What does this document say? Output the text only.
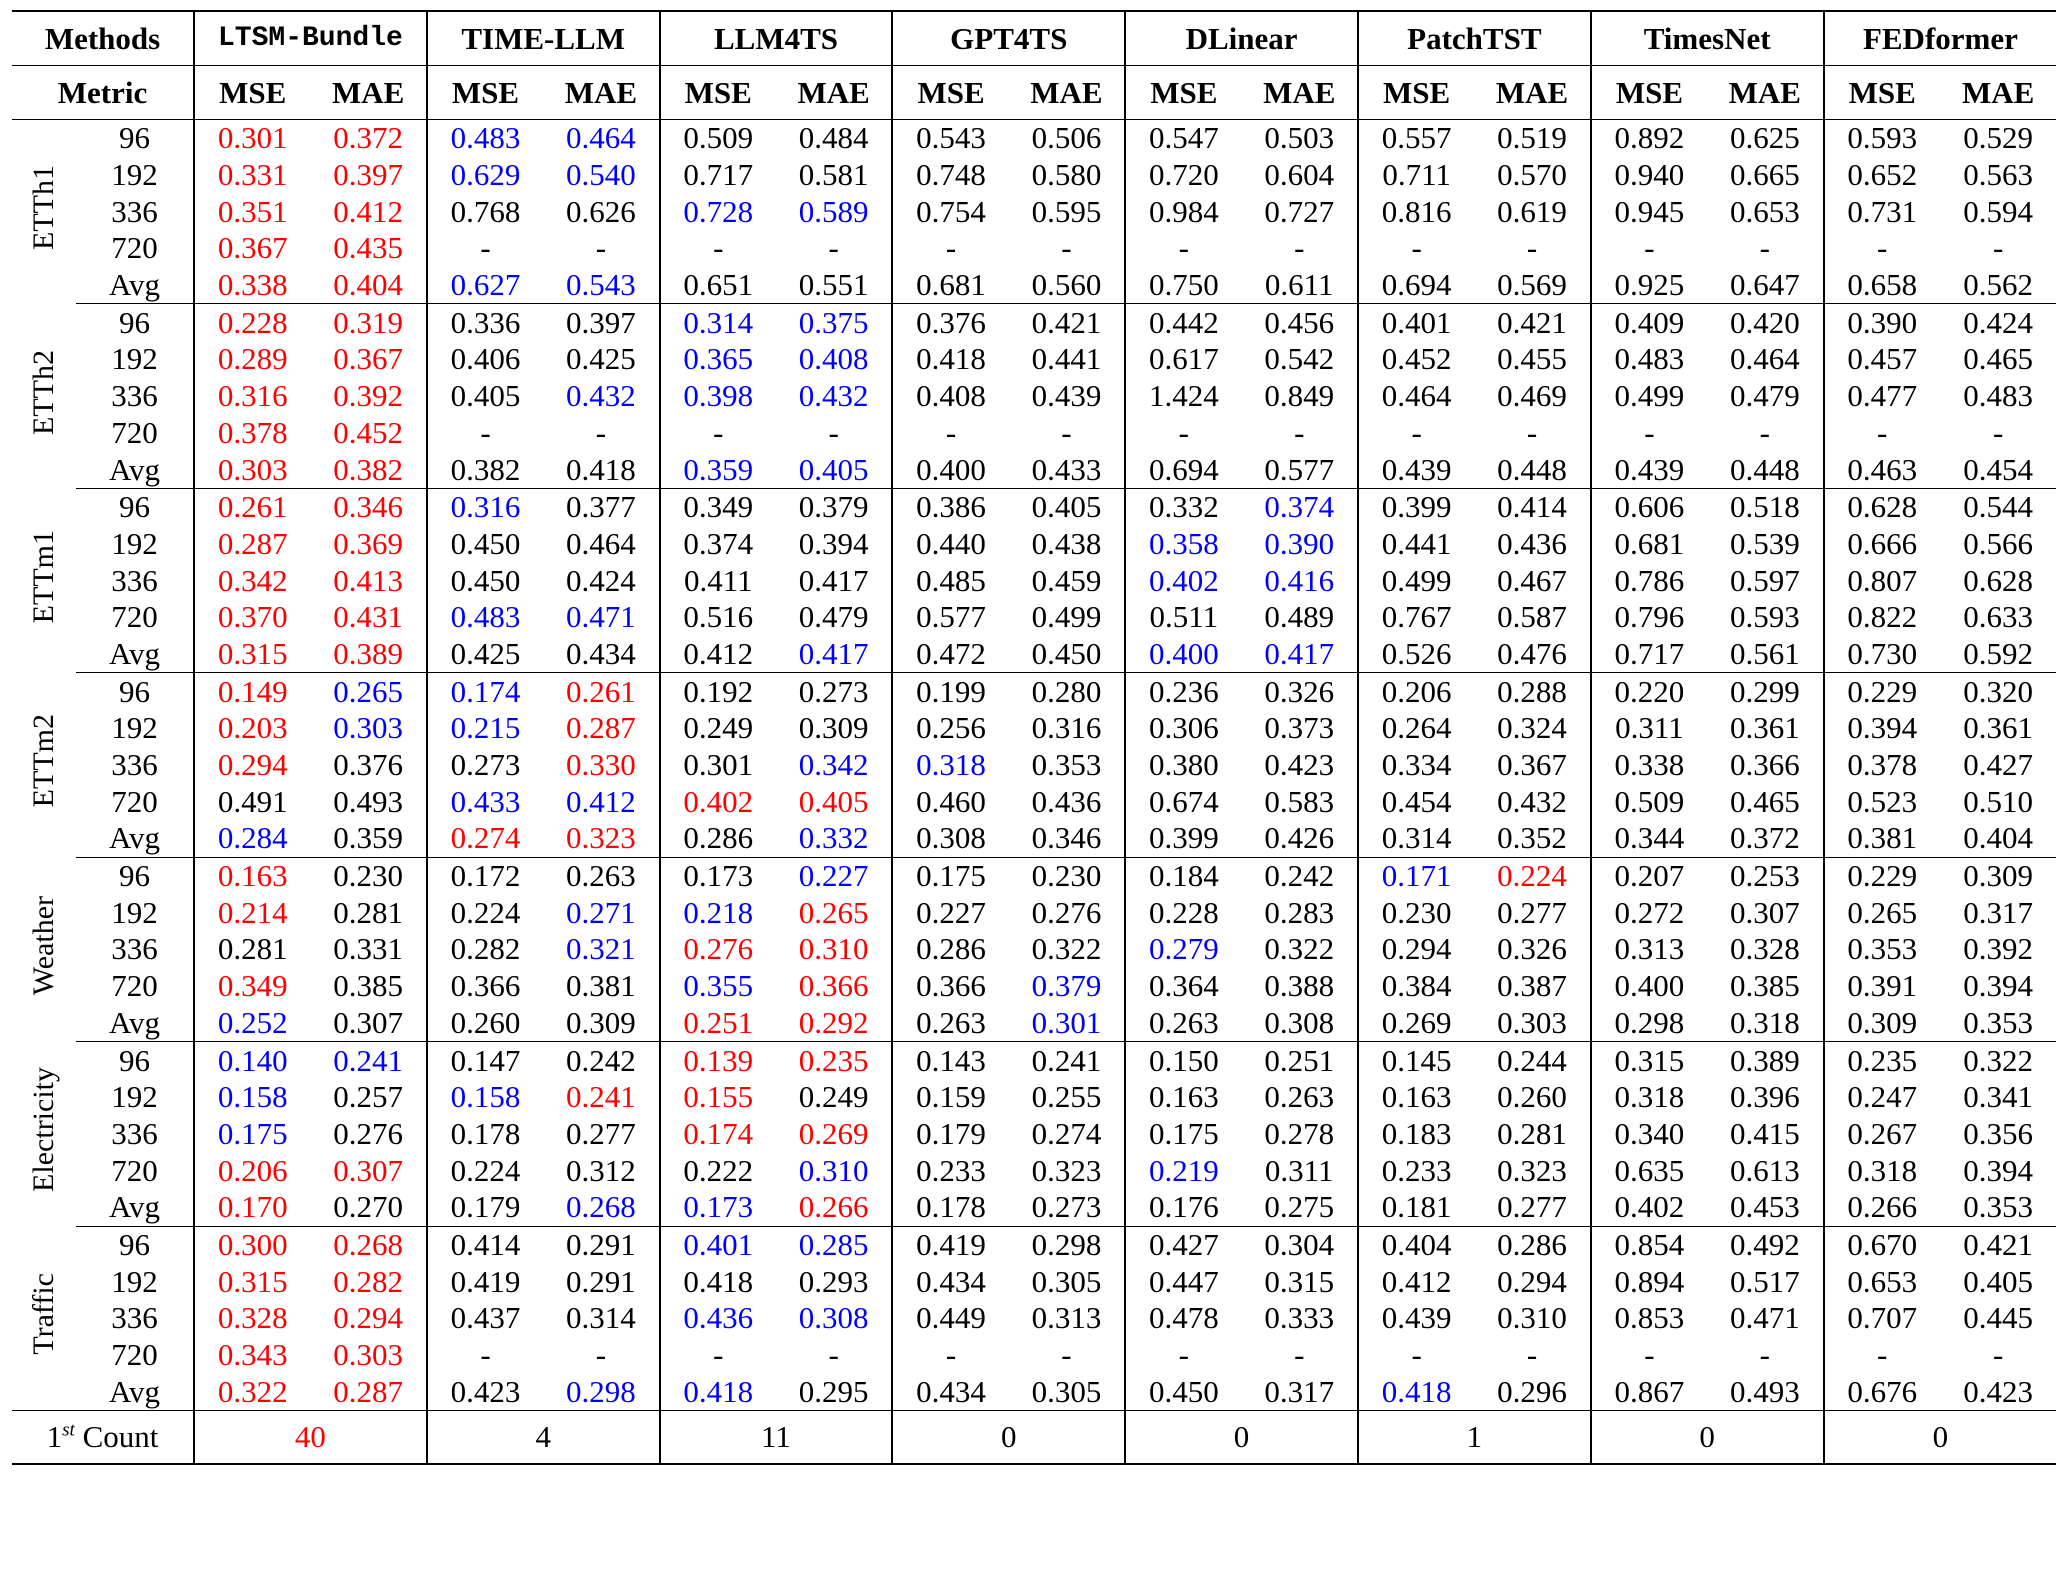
Methods		LTSM-Bundle		TIME-LLM		LLM4TS		GPT4TS		DLinear		PatchTST		TimesNet		FEDformer	
Metric		MSE	MAE	MSE	MAE	MSE	MAE	MSE	MAE	MSE	MAE	MSE	MAE	MSE	MAE	MSE	MAE
ETTh1	96	0.301	0.372	0.483	0.464	0.509	0.484	0.543	0.506	0.547	0.503	0.557	0.519	0.892	0.625	0.593	0.529
	192	0.331	0.397	0.629	0.540	0.717	0.581	0.748	0.580	0.720	0.604	0.711	0.570	0.940	0.665	0.652	0.563
	336	0.351	0.412	0.768	0.626	0.728	0.589	0.754	0.595	0.984	0.727	0.816	0.619	0.945	0.653	0.731	0.594
	720	0.367	0.435	-	-	-	-	-	-	-	-	-	-	-	-	-	-
	Avg	0.338	0.404	0.627	0.543	0.651	0.551	0.681	0.560	0.750	0.611	0.694	0.569	0.925	0.647	0.658	0.562
ETTh2	96	0.228	0.319	0.336	0.397	0.314	0.375	0.376	0.421	0.442	0.456	0.401	0.421	0.409	0.420	0.390	0.424
	192	0.289	0.367	0.406	0.425	0.365	0.408	0.418	0.441	0.617	0.542	0.452	0.455	0.483	0.464	0.457	0.465
	336	0.316	0.392	0.405	0.432	0.398	0.432	0.408	0.439	1.424	0.849	0.464	0.469	0.499	0.479	0.477	0.483
	720	0.378	0.452	-	-	-	-	-	-	-	-	-	-	-	-	-	-
	Avg	0.303	0.382	0.382	0.418	0.359	0.405	0.400	0.433	0.694	0.577	0.439	0.448	0.439	0.448	0.463	0.454
ETTm1	96	0.261	0.346	0.316	0.377	0.349	0.379	0.386	0.405	0.332	0.374	0.399	0.414	0.606	0.518	0.628	0.544
	192	0.287	0.369	0.450	0.464	0.374	0.394	0.440	0.438	0.358	0.390	0.441	0.436	0.681	0.539	0.666	0.566
	336	0.342	0.413	0.450	0.424	0.411	0.417	0.485	0.459	0.402	0.416	0.499	0.467	0.786	0.597	0.807	0.628
	720	0.370	0.431	0.483	0.471	0.516	0.479	0.577	0.499	0.511	0.489	0.767	0.587	0.796	0.593	0.822	0.633
	Avg	0.315	0.389	0.425	0.434	0.412	0.417	0.472	0.450	0.400	0.417	0.526	0.476	0.717	0.561	0.730	0.592
ETTm2	96	0.149	0.265	0.174	0.261	0.192	0.273	0.199	0.280	0.236	0.326	0.206	0.288	0.220	0.299	0.229	0.320
	192	0.203	0.303	0.215	0.287	0.249	0.309	0.256	0.316	0.306	0.373	0.264	0.324	0.311	0.361	0.394	0.361
	336	0.294	0.376	0.273	0.330	0.301	0.342	0.318	0.353	0.380	0.423	0.334	0.367	0.338	0.366	0.378	0.427
	720	0.491	0.493	0.433	0.412	0.402	0.405	0.460	0.436	0.674	0.583	0.454	0.432	0.509	0.465	0.523	0.510
	Avg	0.284	0.359	0.274	0.323	0.286	0.332	0.308	0.346	0.399	0.426	0.314	0.352	0.344	0.372	0.381	0.404
Weather	96	0.163	0.230	0.172	0.263	0.173	0.227	0.175	0.230	0.184	0.242	0.171	0.224	0.207	0.253	0.229	0.309
	192	0.214	0.281	0.224	0.271	0.218	0.265	0.227	0.276	0.228	0.283	0.230	0.277	0.272	0.307	0.265	0.317
	336	0.281	0.331	0.282	0.321	0.276	0.310	0.286	0.322	0.279	0.322	0.294	0.326	0.313	0.328	0.353	0.392
	720	0.349	0.385	0.366	0.381	0.355	0.366	0.366	0.379	0.364	0.388	0.384	0.387	0.400	0.385	0.391	0.394
	Avg	0.252	0.307	0.260	0.309	0.251	0.292	0.263	0.301	0.263	0.308	0.269	0.303	0.298	0.318	0.309	0.353
Electricity	96	0.140	0.241	0.147	0.242	0.139	0.235	0.143	0.241	0.150	0.251	0.145	0.244	0.315	0.389	0.235	0.322
	192	0.158	0.257	0.158	0.241	0.155	0.249	0.159	0.255	0.163	0.263	0.163	0.260	0.318	0.396	0.247	0.341
	336	0.175	0.276	0.178	0.277	0.174	0.269	0.179	0.274	0.175	0.278	0.183	0.281	0.340	0.415	0.267	0.356
	720	0.206	0.307	0.224	0.312	0.222	0.310	0.233	0.323	0.219	0.311	0.233	0.323	0.635	0.613	0.318	0.394
	Avg	0.170	0.270	0.179	0.268	0.173	0.266	0.178	0.273	0.176	0.275	0.181	0.277	0.402	0.453	0.266	0.353
Traffic	96	0.300	0.268	0.414	0.291	0.401	0.285	0.419	0.298	0.427	0.304	0.404	0.286	0.854	0.492	0.670	0.421
	192	0.315	0.282	0.419	0.291	0.418	0.293	0.434	0.305	0.447	0.315	0.412	0.294	0.894	0.517	0.653	0.405
	336	0.328	0.294	0.437	0.314	0.436	0.308	0.449	0.313	0.478	0.333	0.439	0.310	0.853	0.471	0.707	0.445
	720	0.343	0.303	-	-	-	-	-	-	-	-	-	-	-	-	-	-
	Avg	0.322	0.287	0.423	0.298	0.418	0.295	0.434	0.305	0.450	0.317	0.418	0.296	0.867	0.493	0.676	0.423
1st Count		40		4		11		0		0		1		0		0	
